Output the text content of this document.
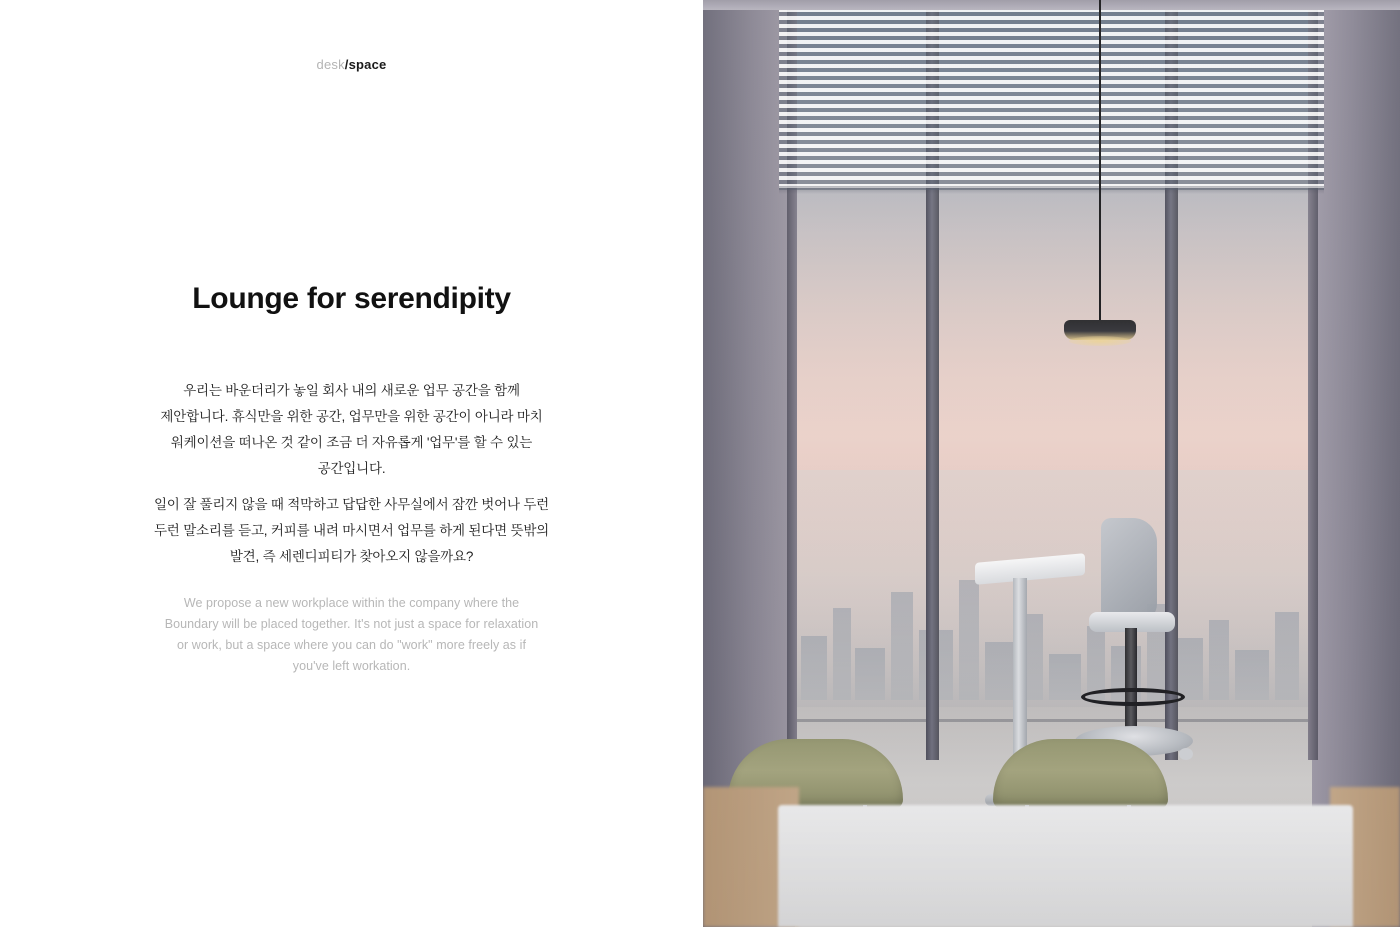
desk/space
Lounge for serendipity
우리는 바운더리가 놓일 회사 내의 새로운 업무 공간을 함께
제안합니다. 휴식만을 위한 공간, 업무만을 위한 공간이 아니라 마치
워케이션을 떠나온 것 같이 조금 더 자유롭게 '업무'를 할 수 있는
공간입니다.
일이 잘 풀리지 않을 때 적막하고 답답한 사무실에서 잠깐 벗어나 두런
두런 말소리를 듣고, 커피를 내려 마시면서 업무를 하게 된다면 뜻밖의
발견, 즉 세렌디피티가 찾아오지 않을까요?
We propose a new workplace within the company where the
Boundary will be placed together. It's not just a space for relaxation
or work, but a space where you can do "work" more freely as if
you've left workation.
